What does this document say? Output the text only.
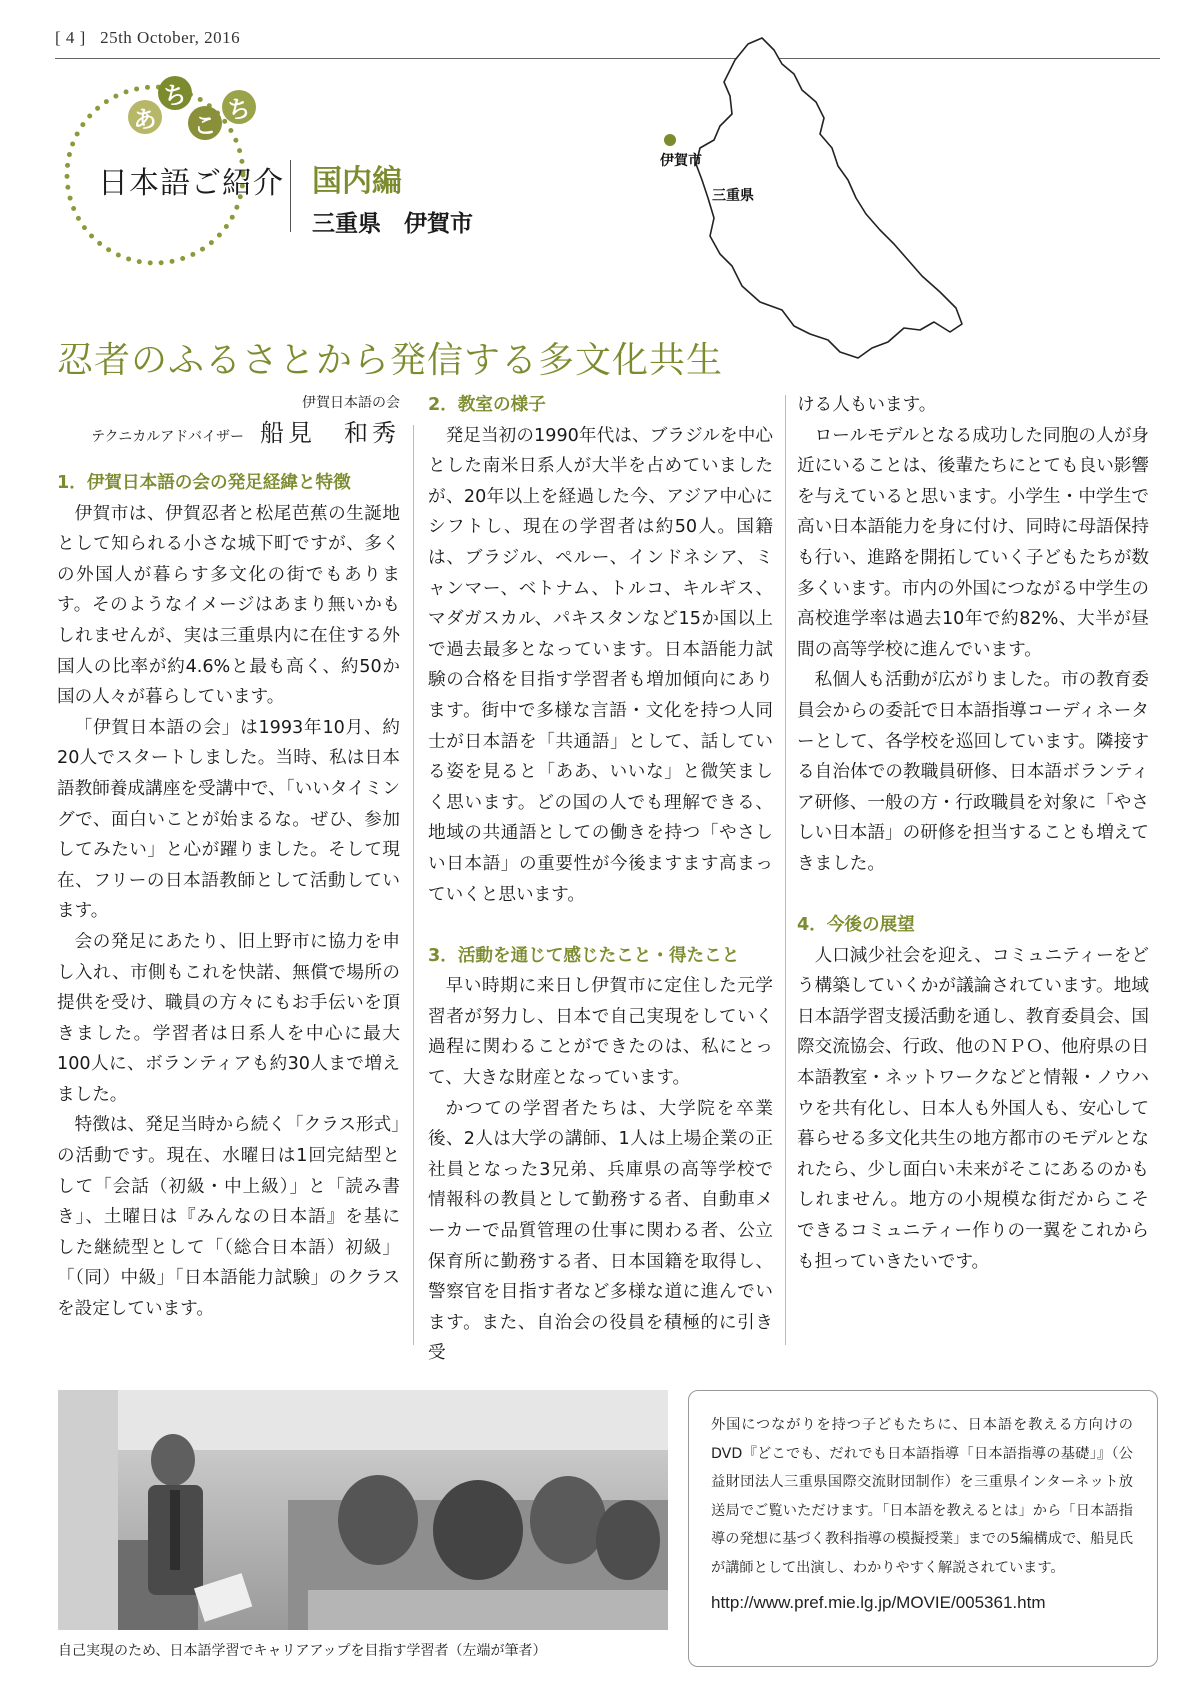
[ 4 ] 25th October, 2016
あ
ち
こ
ち
日本語ご紹介 国内編
三重県　伊賀市
伊賀市
三重県
忍者のふるさとから発信する多文化共生
伊賀日本語の会
テクニカルアドバイザー 船見　和秀
1．伊賀日本語の会の発足経緯と特徴

伊賀市は、伊賀忍者と松尾芭蕉の生誕地として知られる小さな城下町ですが、多くの外国人が暮らす多文化の街でもあります。そのようなイメージはあまり無いかもしれませんが、実は三重県内に在住する外国人の比率が約4.6%と最も高く、約50か国の人々が暮らしています。

「伊賀日本語の会」は1993年10月、約20人でスタートしました。当時、私は日本語教師養成講座を受講中で、「いいタイミングで、面白いことが始まるな。ぜひ、参加してみたい」と心が躍りました。そして現在、フリーの日本語教師として活動しています。

会の発足にあたり、旧上野市に協力を申し入れ、市側もこれを快諾、無償で場所の提供を受け、職員の方々にもお手伝いを頂きました。学習者は日系人を中心に最大100人に、ボランティアも約30人まで増えました。

特徴は、発足当時から続く「クラス形式」の活動です。現在、水曜日は1回完結型として「会話（初級・中上級）」と「読み書き」、土曜日は『みんなの日本語』を基にした継続型として「（総合日本語）初級」「（同）中級」「日本語能力試験」のクラスを設定しています。

2．教室の様子

発足当初の1990年代は、ブラジルを中心とした南米日系人が大半を占めていましたが、20年以上を経過した今、アジア中心にシフトし、現在の学習者は約50人。国籍は、ブラジル、ペルー、インドネシア、ミャンマー、ベトナム、トルコ、キルギス、マダガスカル、パキスタンなど15か国以上で過去最多となっています。日本語能力試験の合格を目指す学習者も増加傾向にあります。街中で多様な言語・文化を持つ人同士が日本語を「共通語」として、話している姿を見ると「ああ、いいな」と微笑ましく思います。どの国の人でも理解できる、地域の共通語としての働きを持つ「やさしい日本語」の重要性が今後ますます高まっていくと思います。

3．活動を通じて感じたこと・得たこと

早い時期に来日し伊賀市に定住した元学習者が努力し、日本で自己実現をしていく過程に関わることができたのは、私にとって、大きな財産となっています。

かつての学習者たちは、大学院を卒業後、2人は大学の講師、1人は上場企業の正社員となった3兄弟、兵庫県の高等学校で情報科の教員として勤務する者、自動車メーカーで品質管理の仕事に関わる者、公立保育所に勤務する者、日本国籍を取得し、警察官を目指す者など多様な道に進んでいます。また、自治会の役員を積極的に引き受

ける人もいます。

ロールモデルとなる成功した同胞の人が身近にいることは、後輩たちにとても良い影響を与えていると思います。小学生・中学生で高い日本語能力を身に付け、同時に母語保持も行い、進路を開拓していく子どもたちが数多くいます。市内の外国につながる中学生の高校進学率は過去10年で約82%、大半が昼間の高等学校に進んでいます。

私個人も活動が広がりました。市の教育委員会からの委託で日本語指導コーディネーターとして、各学校を巡回しています。隣接する自治体での教職員研修、日本語ボランティア研修、一般の方・行政職員を対象に「やさしい日本語」の研修を担当することも増えてきました。

4．今後の展望

人口減少社会を迎え、コミュニティーをどう構築していくかが議論されています。地域日本語学習支援活動を通し、教育委員会、国際交流協会、行政、他のＮＰＯ、他府県の日本語教室・ネットワークなどと情報・ノウハウを共有化し、日本人も外国人も、安心して暮らせる多文化共生の地方都市のモデルとなれたら、少し面白い未来がそこにあるのかもしれません。地方の小規模な街だからこそできるコミュニティー作りの一翼をこれからも担っていきたいです。

自己実現のため、日本語学習でキャリアアップを目指す学習者（左端が筆者）

外国につながりを持つ子どもたちに、日本語を教える方向けのDVD『どこでも、だれでも日本語指導「日本語指導の基礎」』（公益財団法人三重県国際交流財団制作）を三重県インターネット放送局でご覧いただけます。「日本語を教えるとは」から「日本語指導の発想に基づく教科指導の模擬授業」までの5編構成で、船見氏が講師として出演し、わかりやすく解説されています。

http://www.pref.mie.lg.jp/MOVIE/005361.htm
